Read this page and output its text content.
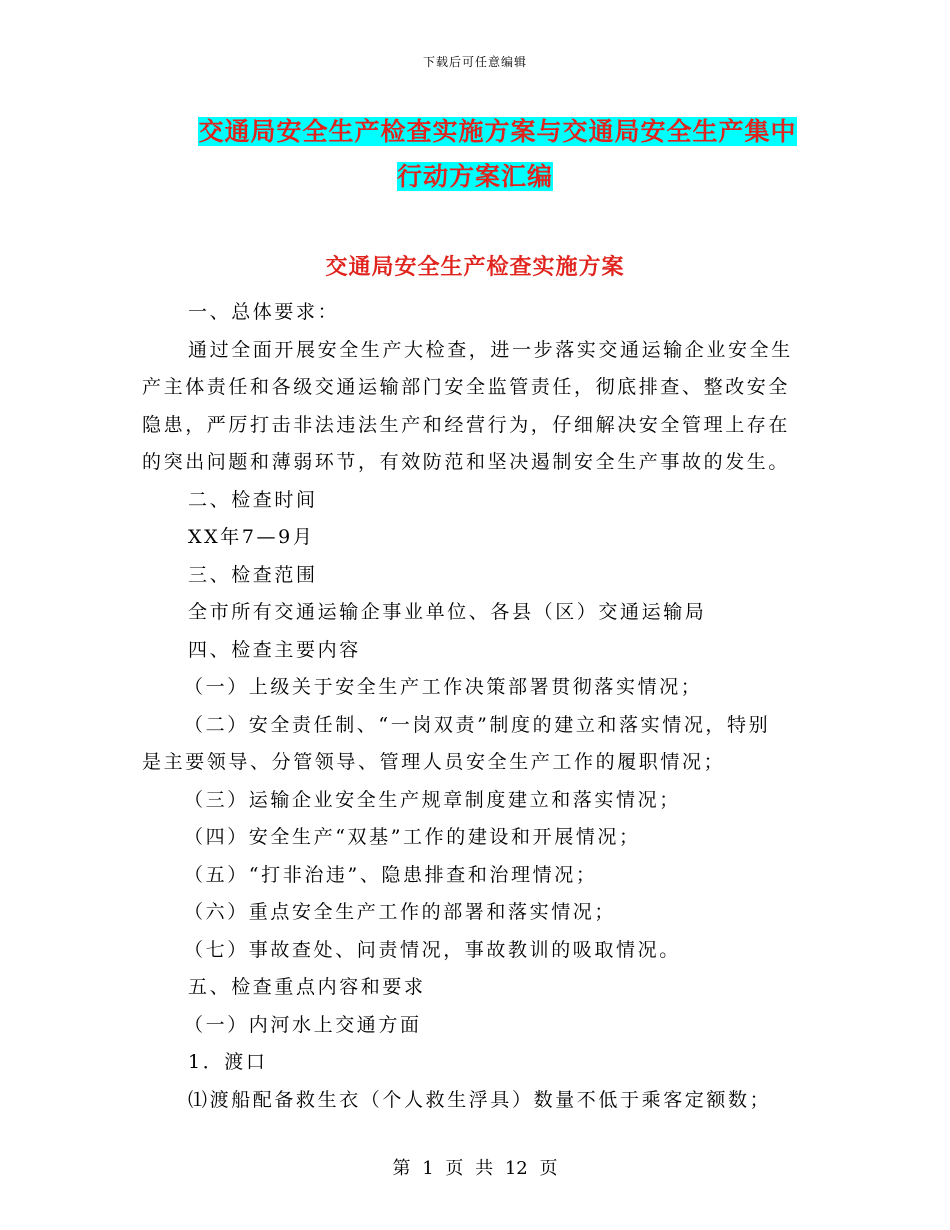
下载后可任意编辑
交通局安全生产检查实施方案与交通局安全生产集中
行动方案汇编
交通局安全生产检查实施方案
一、总体要求：
通过全面开展安全生产大检查，进一步落实交通运输企业安全生
产主体责任和各级交通运输部门安全监管责任，彻底排查、整改安全
隐患，严厉打击非法违法生产和经营行为，仔细解决安全管理上存在
的突出问题和薄弱环节，有效防范和坚决遏制安全生产事故的发生。
二、检查时间
XX年7—9月
三、检查范围
全市所有交通运输企事业单位、各县（区）交通运输局
四、检查主要内容
（一）上级关于安全生产工作决策部署贯彻落实情况；
（二）安全责任制、“一岗双责”制度的建立和落实情况，特别
是主要领导、分管领导、管理人员安全生产工作的履职情况；
（三）运输企业安全生产规章制度建立和落实情况；
（四）安全生产“双基”工作的建设和开展情况；
（五）“打非治违”、隐患排查和治理情况；
（六）重点安全生产工作的部署和落实情况；
（七）事故查处、问责情况，事故教训的吸取情况。
五、检查重点内容和要求
（一）内河水上交通方面
1．渡口
⑴渡船配备救生衣（个人救生浮具）数量不低于乘客定额数；
第 1 页 共 12 页
